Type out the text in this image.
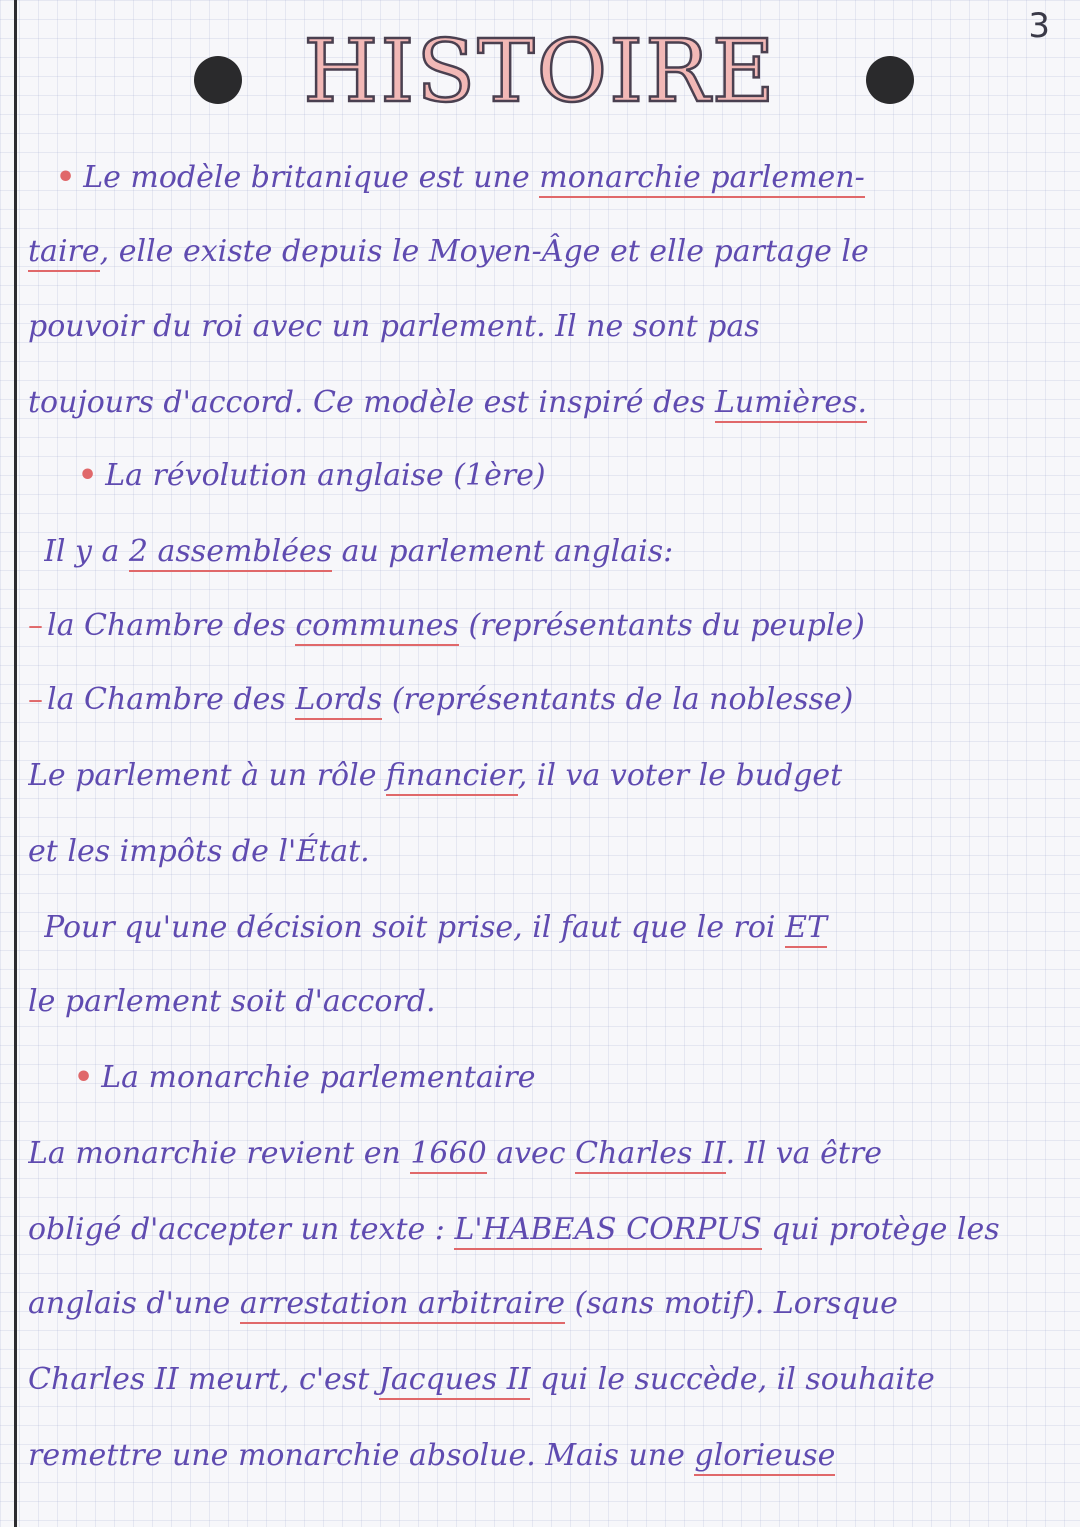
3
HISTOIRE
• Le modèle britanique est une monarchie parlemen-
taire, elle existe depuis le Moyen-Âge et elle partage le
pouvoir du roi avec un parlement. Il ne sont pas
toujours d'accord. Ce modèle est inspiré des Lumières.
• La révolution anglaise (1ère)
Il y a 2 assemblées au parlement anglais:
– la Chambre des communes (représentants du peuple)
– la Chambre des Lords (représentants de la noblesse)
Le parlement à un rôle financier, il va voter le budget
et les impôts de l'État.
Pour qu'une décision soit prise, il faut que le roi ET
le parlement soit d'accord.
• La monarchie parlementaire
La monarchie revient en 1660 avec Charles II. Il va être
obligé d'accepter un texte : L'HABEAS CORPUS qui protège les
anglais d'une arrestation arbitraire (sans motif). Lorsque
Charles II meurt, c'est Jacques II qui le succède, il souhaite
remettre une monarchie absolue. Mais une glorieuse
